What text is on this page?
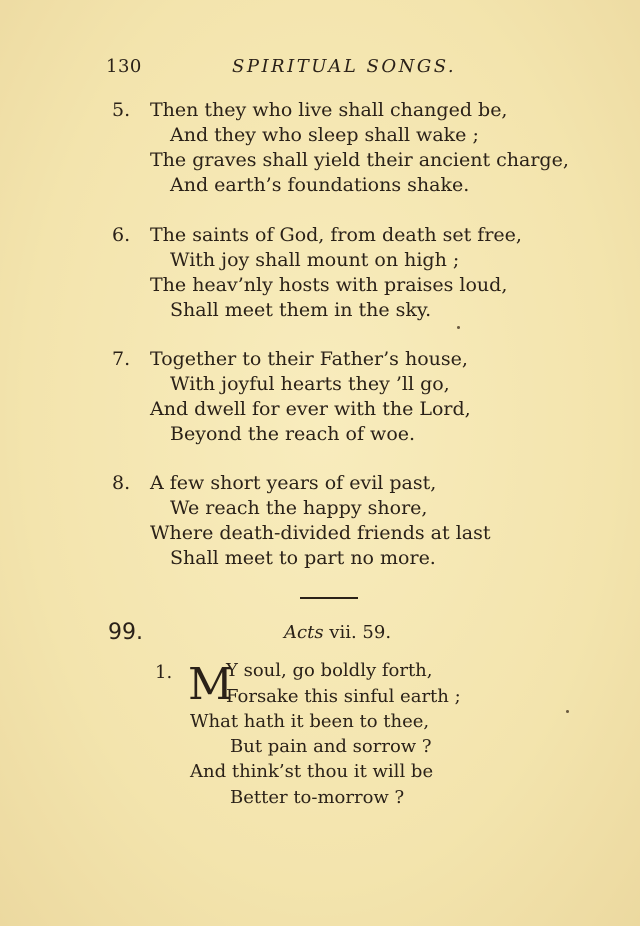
130	SPIRITUAL SONGS.
5. Then they who live shall changed be,
And they who sleep shall wake ;
The graves shall yield their ancient charge,
And earth’s foundations shake.
6. The saints of God, from death set free,
With joy shall mount on high ;
The heav’nly hosts with praises loud,
Shall meet them in the sky.
7. Together to their Father’s house,
With joyful hearts they ’ll go,
And dwell for ever with the Lord,
Beyond the reach of woe.
8. A few short years of evil past,
We reach the happy shore,
Where death-divided friends at last
Shall meet to part no more.
99.	Acts vii. 59.
1. M
Y soul, go boldly forth,
Forsake this sinful earth ;
What hath it been to thee,
But pain and sorrow ?
And think’st thou it will be
Better to-morrow ?
